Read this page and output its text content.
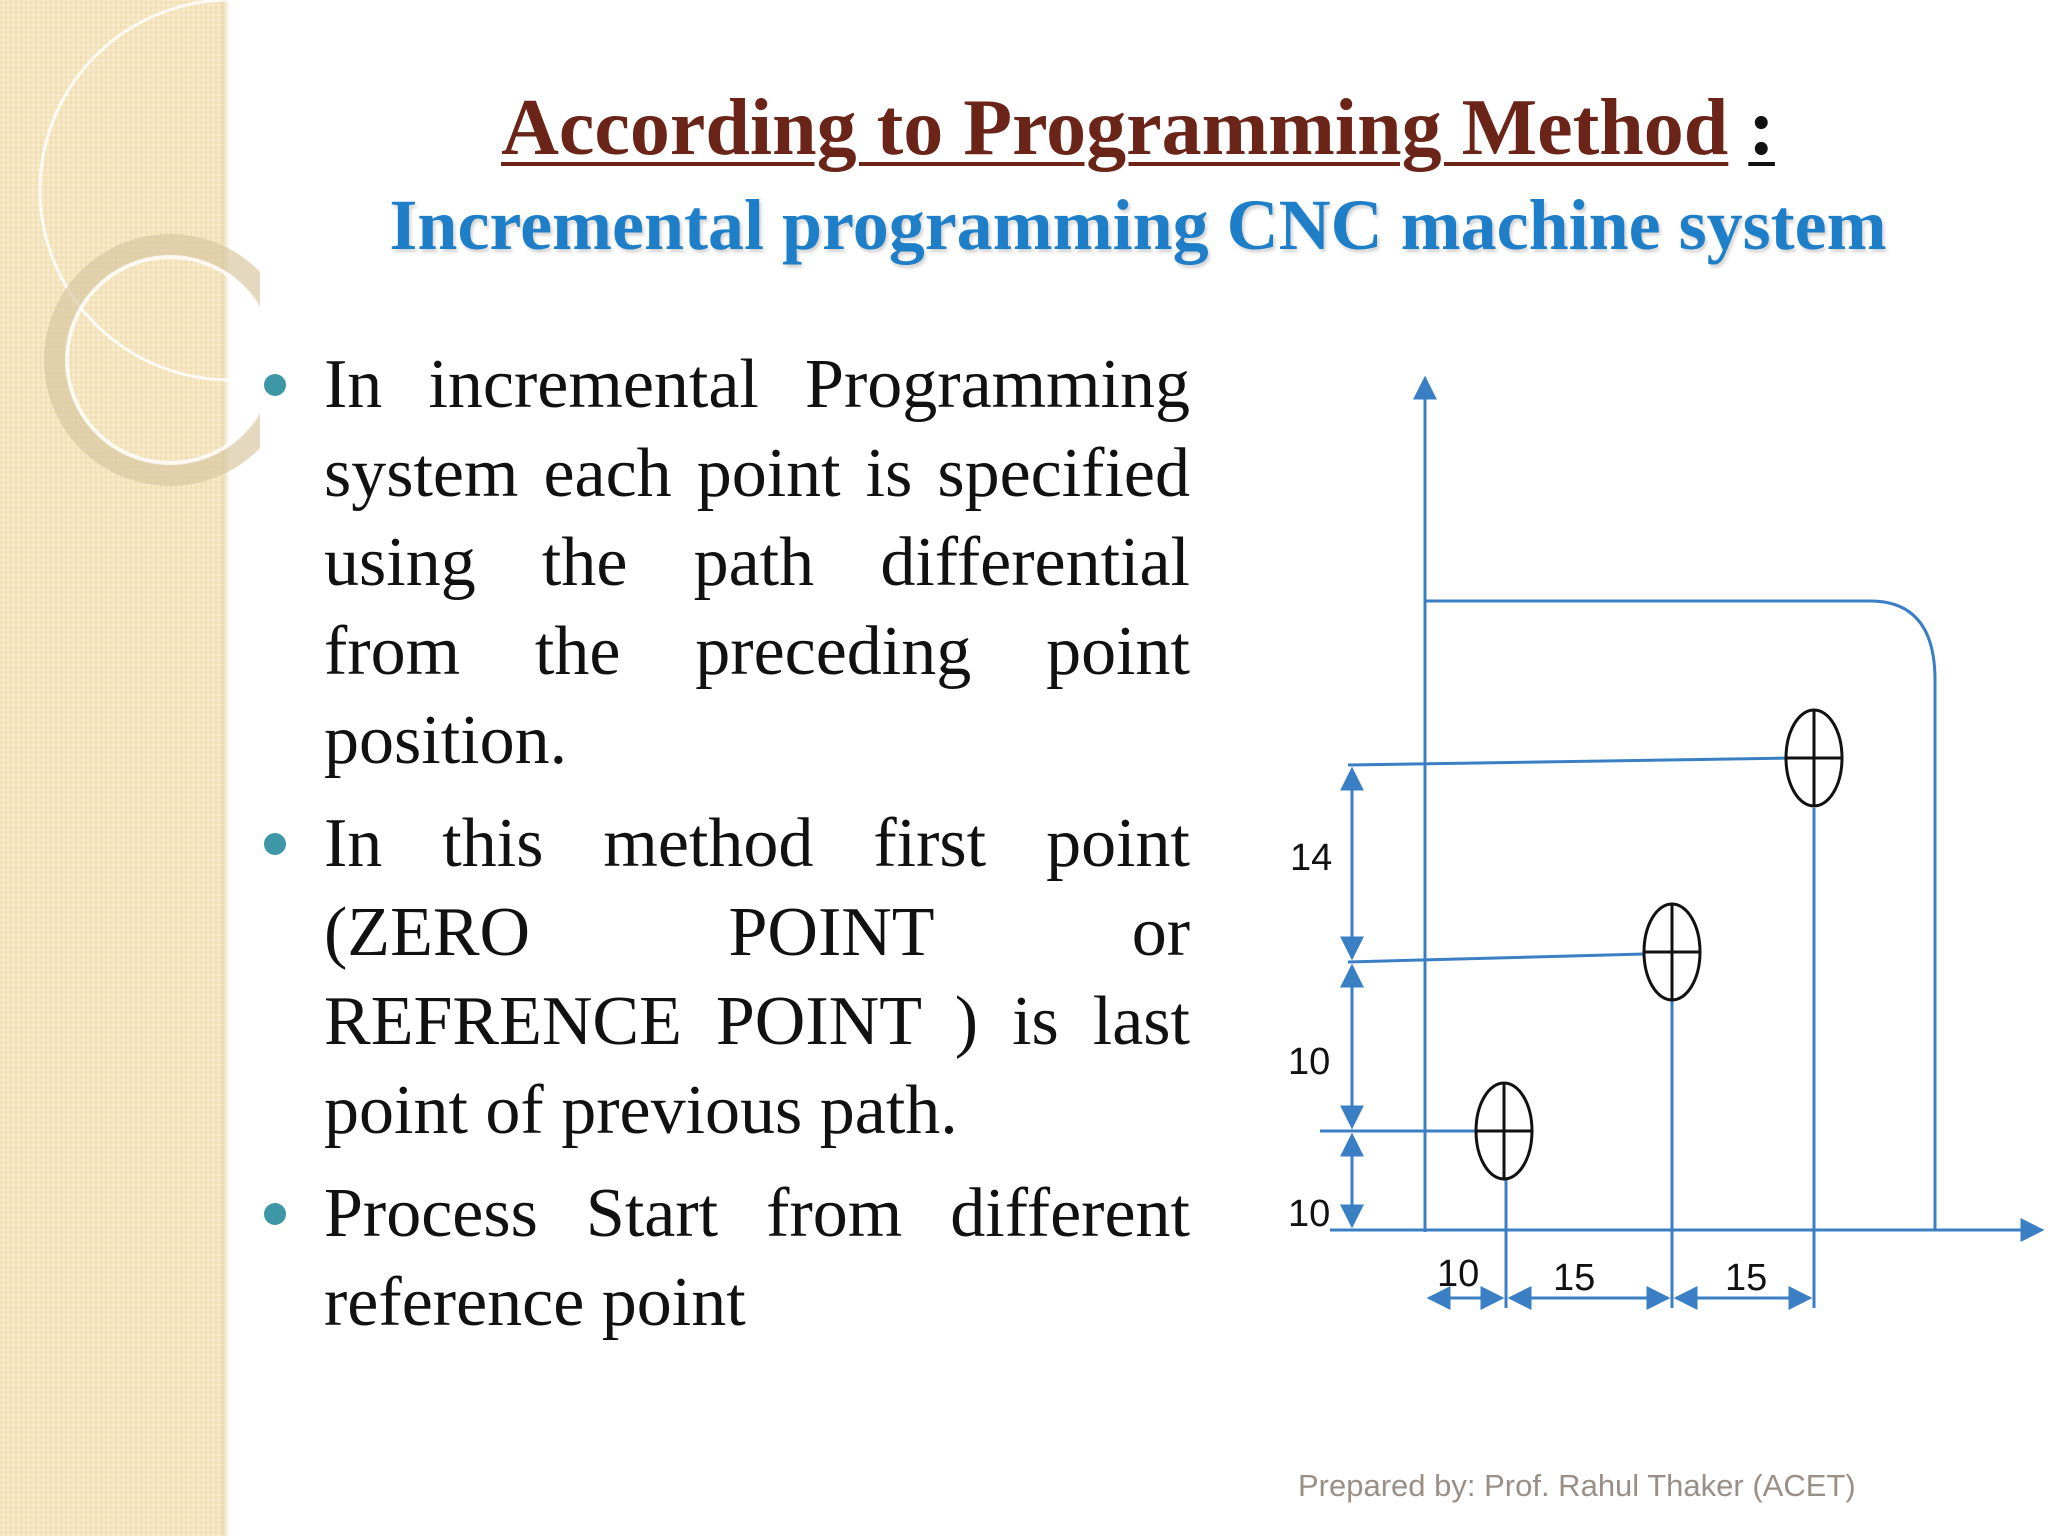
According to Programming Method :
Incremental programming CNC machine system
In incremental Programming system each point is specified using the path differential from the preceding point position.
In this method first point (ZERO POINT or REFRENCE POINT ) is last point of previous path.
Process Start from different reference point
14
10
10
10 15	15
Prepared by: Prof. Rahul Thaker (ACET)
